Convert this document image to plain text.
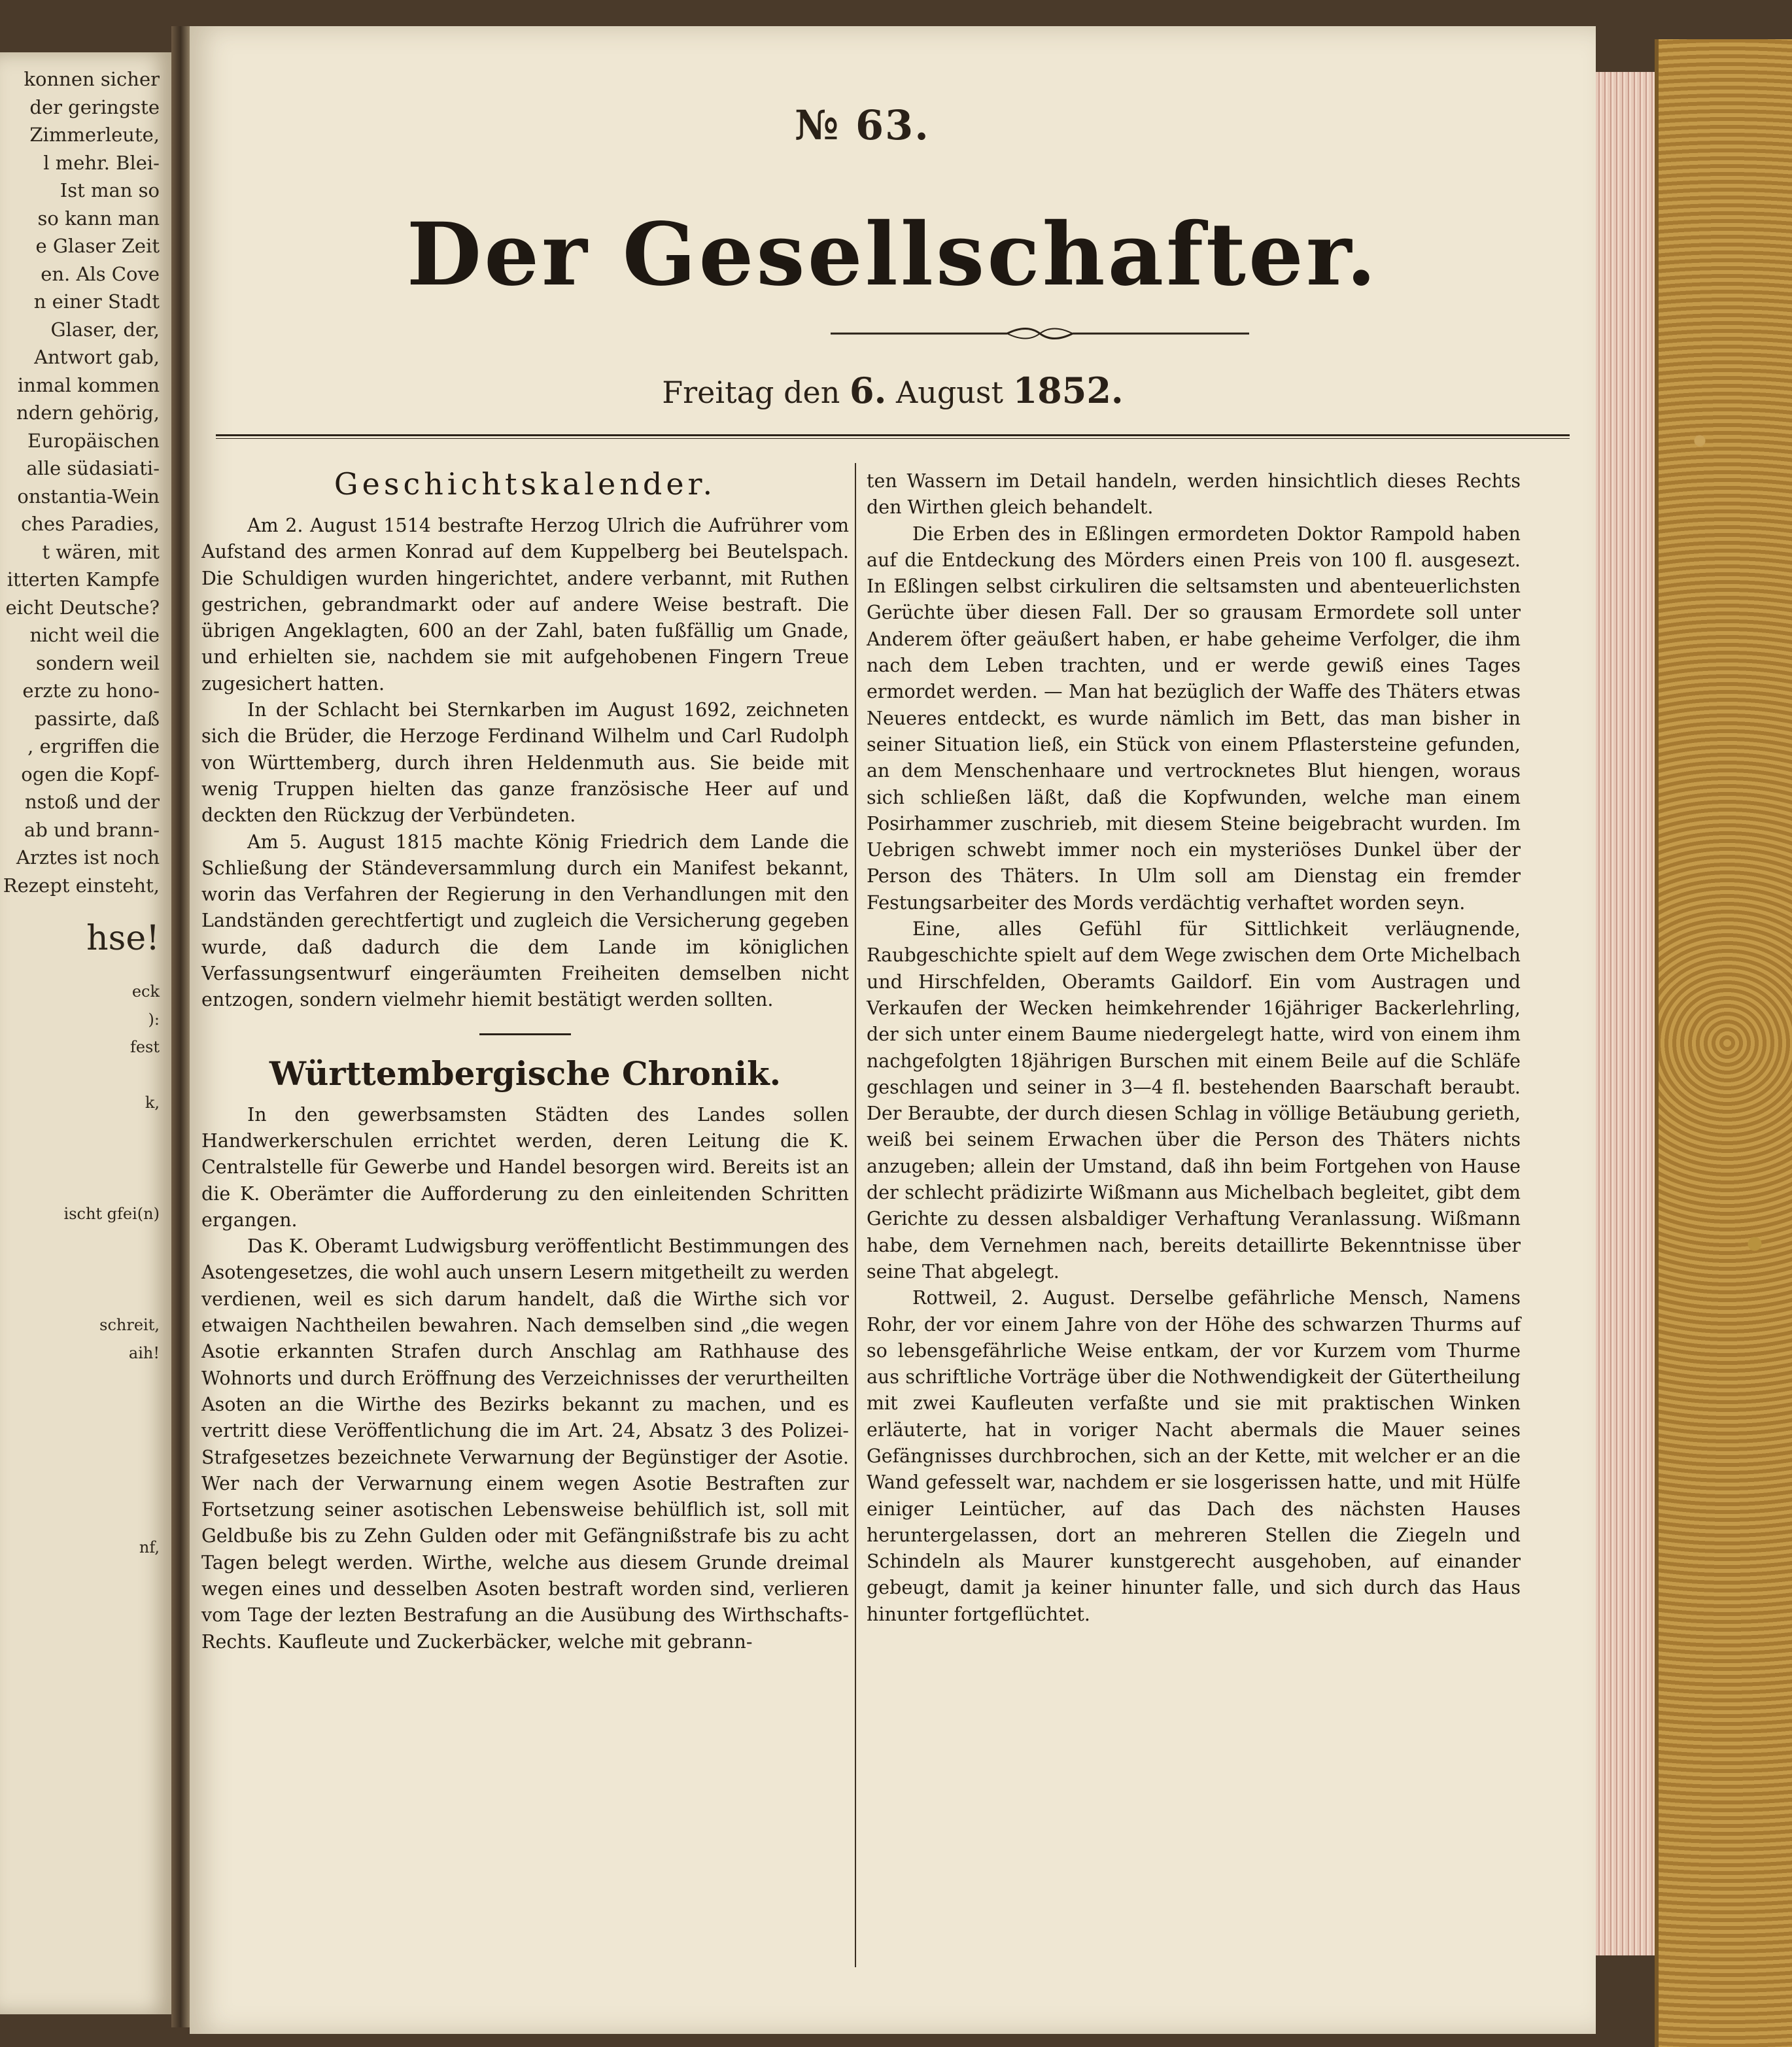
konnen sicher
der geringste
Zimmerleute,
l mehr. Blei-
Ist man so
so kann man
e Glaser Zeit
en. Als Cove
n einer Stadt
Glaser, der,
Antwort gab,
inmal kommen
ndern gehörig,
Europäischen
alle südasiati-
onstantia-Wein
ches Paradies,
t wären, mit
itterten Kampfe
eicht Deutsche?
nicht weil die
sondern weil
erzte zu hono-
passirte, daß
, ergriffen die
ogen die Kopf-
nstoß und der
ab und brann-
Arztes ist noch
Rezept einsteht,
hse!
eck
):
fest

k,

ischt gfei(n)

schreit,
aih!

nf,
№ 63.
Der Gesellschafter.
Freitag den 6. August 1852.
Geschichtskalender.

Am 2. August 1514 bestrafte Herzog Ulrich die Aufrührer vom Aufstand des armen Konrad auf dem Kuppelberg bei Beutelspach. Die Schuldigen wurden hingerichtet, andere verbannt, mit Ruthen gestrichen, gebrandmarkt oder auf andere Weise bestraft. Die übrigen Angeklagten, 600 an der Zahl, baten fußfällig um Gnade, und erhielten sie, nachdem sie mit aufgehobenen Fingern Treue zugesichert hatten.

In der Schlacht bei Sternkarben im August 1692, zeichneten sich die Brüder, die Herzoge Ferdinand Wilhelm und Carl Rudolph von Württemberg, durch ihren Heldenmuth aus. Sie beide mit wenig Truppen hielten das ganze französische Heer auf und deckten den Rückzug der Verbündeten.

Am 5. August 1815 machte König Friedrich dem Lande die Schließung der Ständeversammlung durch ein Manifest bekannt, worin das Verfahren der Regierung in den Verhandlungen mit den Landständen gerechtfertigt und zugleich die Versicherung gegeben wurde, daß dadurch die dem Lande im königlichen Verfassungsentwurf eingeräumten Freiheiten demselben nicht entzogen, sondern vielmehr hiemit bestätigt werden sollten.

Württembergische Chronik.

In den gewerbsamsten Städten des Landes sollen Handwerkerschulen errichtet werden, deren Leitung die K. Centralstelle für Gewerbe und Handel besorgen wird. Bereits ist an die K. Oberämter die Aufforderung zu den einleitenden Schritten ergangen.

Das K. Oberamt Ludwigsburg veröffentlicht Bestimmungen des Asotengesetzes, die wohl auch unsern Lesern mitgetheilt zu werden verdienen, weil es sich darum handelt, daß die Wirthe sich vor etwaigen Nachtheilen bewahren. Nach demselben sind „die wegen Asotie erkannten Strafen durch Anschlag am Rathhause des Wohnorts und durch Eröffnung des Verzeichnisses der verurtheilten Asoten an die Wirthe des Bezirks bekannt zu machen, und es vertritt diese Veröffentlichung die im Art. 24, Absatz 3 des Polizei-Strafgesetzes bezeichnete Verwarnung der Begünstiger der Asotie. Wer nach der Verwarnung einem wegen Asotie Bestraften zur Fortsetzung seiner asotischen Lebensweise behülflich ist, soll mit Geldbuße bis zu Zehn Gulden oder mit Gefängnißstrafe bis zu acht Tagen belegt werden. Wirthe, welche aus diesem Grunde dreimal wegen eines und desselben Asoten bestraft worden sind, verlieren vom Tage der lezten Bestrafung an die Ausübung des Wirthschafts-Rechts. Kaufleute und Zuckerbäcker, welche mit gebrann-

ten Wassern im Detail handeln, werden hinsichtlich dieses Rechts den Wirthen gleich behandelt.

Die Erben des in Eßlingen ermordeten Doktor Rampold haben auf die Entdeckung des Mörders einen Preis von 100 fl. ausgesezt. In Eßlingen selbst cirkuliren die seltsamsten und abenteuerlichsten Gerüchte über diesen Fall. Der so grausam Ermordete soll unter Anderem öfter geäußert haben, er habe geheime Verfolger, die ihm nach dem Leben trachten, und er werde gewiß eines Tages ermordet werden. — Man hat bezüglich der Waffe des Thäters etwas Neueres entdeckt, es wurde nämlich im Bett, das man bisher in seiner Situation ließ, ein Stück von einem Pflastersteine gefunden, an dem Menschenhaare und vertrocknetes Blut hiengen, woraus sich schließen läßt, daß die Kopfwunden, welche man einem Posirhammer zuschrieb, mit diesem Steine beigebracht wurden. Im Uebrigen schwebt immer noch ein mysteriöses Dunkel über der Person des Thäters. In Ulm soll am Dienstag ein fremder Festungsarbeiter des Mords verdächtig verhaftet worden seyn.

Eine, alles Gefühl für Sittlichkeit verläugnende, Raubgeschichte spielt auf dem Wege zwischen dem Orte Michelbach und Hirschfelden, Oberamts Gaildorf. Ein vom Austragen und Verkaufen der Wecken heimkehrender 16jähriger Backerlehrling, der sich unter einem Baume niedergelegt hatte, wird von einem ihm nachgefolgten 18jährigen Burschen mit einem Beile auf die Schläfe geschlagen und seiner in 3—4 fl. bestehenden Baarschaft beraubt. Der Beraubte, der durch diesen Schlag in völlige Betäubung gerieth, weiß bei seinem Erwachen über die Person des Thäters nichts anzugeben; allein der Umstand, daß ihn beim Fortgehen von Hause der schlecht prädizirte Wißmann aus Michelbach begleitet, gibt dem Gerichte zu dessen alsbaldiger Verhaftung Veranlassung. Wißmann habe, dem Vernehmen nach, bereits detaillirte Bekenntnisse über seine That abgelegt.

Rottweil, 2. August. Derselbe gefährliche Mensch, Namens Rohr, der vor einem Jahre von der Höhe des schwarzen Thurms auf so lebensgefährliche Weise entkam, der vor Kurzem vom Thurme aus schriftliche Vorträge über die Nothwendigkeit der Gütertheilung mit zwei Kaufleuten verfaßte und sie mit praktischen Winken erläuterte, hat in voriger Nacht abermals die Mauer seines Gefängnisses durchbrochen, sich an der Kette, mit welcher er an die Wand gefesselt war, nachdem er sie losgerissen hatte, und mit Hülfe einiger Leintücher, auf das Dach des nächsten Hauses heruntergelassen, dort an mehreren Stellen die Ziegeln und Schindeln als Maurer kunstgerecht ausgehoben, auf einander gebeugt, damit ja keiner hinunter falle, und sich durch das Haus hinunter fortgeflüchtet.
